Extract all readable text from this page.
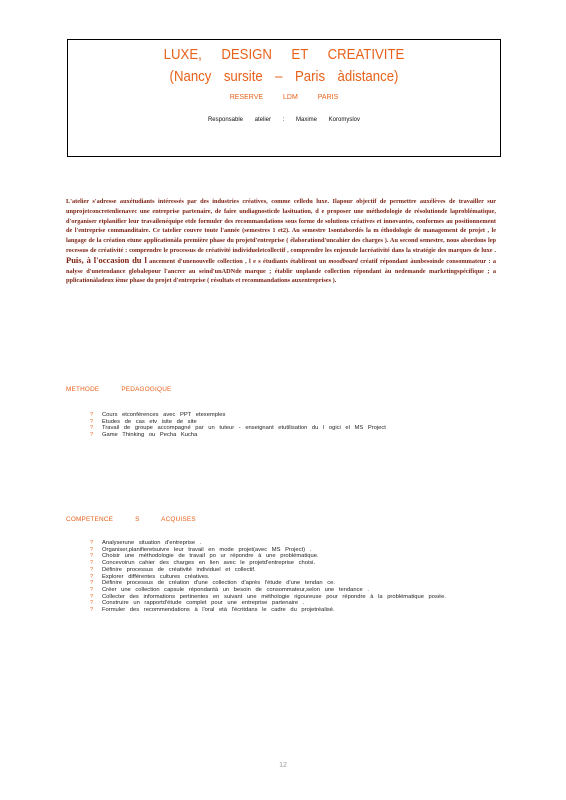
LUXE, DESIGN ET CREATIVITE
(Nancy sursite – Paris àdistance)
RESERVE LDM PARIS
Responsable atelier : Maxime Koromyslov
L'atelier s'adresse auxétudiants intéressés par des industries créatives, comme celledu luxe. Ilapour objectif de permettre auxélèves de travailler sur unprojetconcretenlienavec une entreprise partenaire, de faire undiagnosticde lasituation, d e proposer une méthodologie de résolutionde laproblématique, d'organiser etplanifier leur travailenéquipe etde formuler des recommandations sous forme de solutions créatives et innovantes, conformes au positionnement de l'entreprise commanditaire. Ce tatelier couvre toute l'année (semestres 1 et2). Au semestre 1sontabordés la m éthodologie de management de projet , le langage de la création etune applicationàla première phase du projetd'entreprise ( élaborationd'uncahier des charges ). Au second semestre, nous abordons lep rocessus de créativité : comprendre le processus de créativité individueletcollectif , comprendre les enjeuxde lacréativité dans la stratégie des marques de luxe . Puis, à l'occasion du l ancement d'unenouvelle collection , l e s étudiants établiront un moodboard créatif répondant àunbesoinde consommateur : a nalyse d'unetendance globalepour l'ancrer au seind'unADNde marque ; établir unplande collection répondant àu nedemande marketingspécifique ; a pplicationàladeux ième phase du projet d'entreprise ( résultats et recommandations auxentreprises ).
METHODE PEDAGOGIQUE
? Cours etconférences avec PPT etexemples
? Etudes de cas etv isite de site
? Travail de groupe accompagné par un tuteur - enseignant etutilisation du l ogici el MS Project
? Game Thinking ou Pecha Kucha
COMPETENCE S ACQUISES
? Analyserune situation d'entreprise .
? Organiser,planifieretsuivre leur travail en mode projet(avec MS Project) .
? Choisir une méthodologie de travail po ur répondre à une problématique.
? Concevoirun cahier des charges en lien avec le projetd'entreprise choisi.
? Définire processus de créativité individuel et collectif.
? Explorer différentes cultures créatives.
? Définire processus de création d'une collection d'après l'étude d'une tendan ce.
? Créer une collection capsule répondantà un besoin de consommateur,selon une tendance .
? Collecter des informations pertinentes en suivant une méthologie rigoureuse pour répondre à la problématique posée.
? Construire un rapportd'étude complet pour une entreprise partenaire .
? Formuler des recommendations à l'oral età l'écritdans le cadre du projetréalisé.
12
